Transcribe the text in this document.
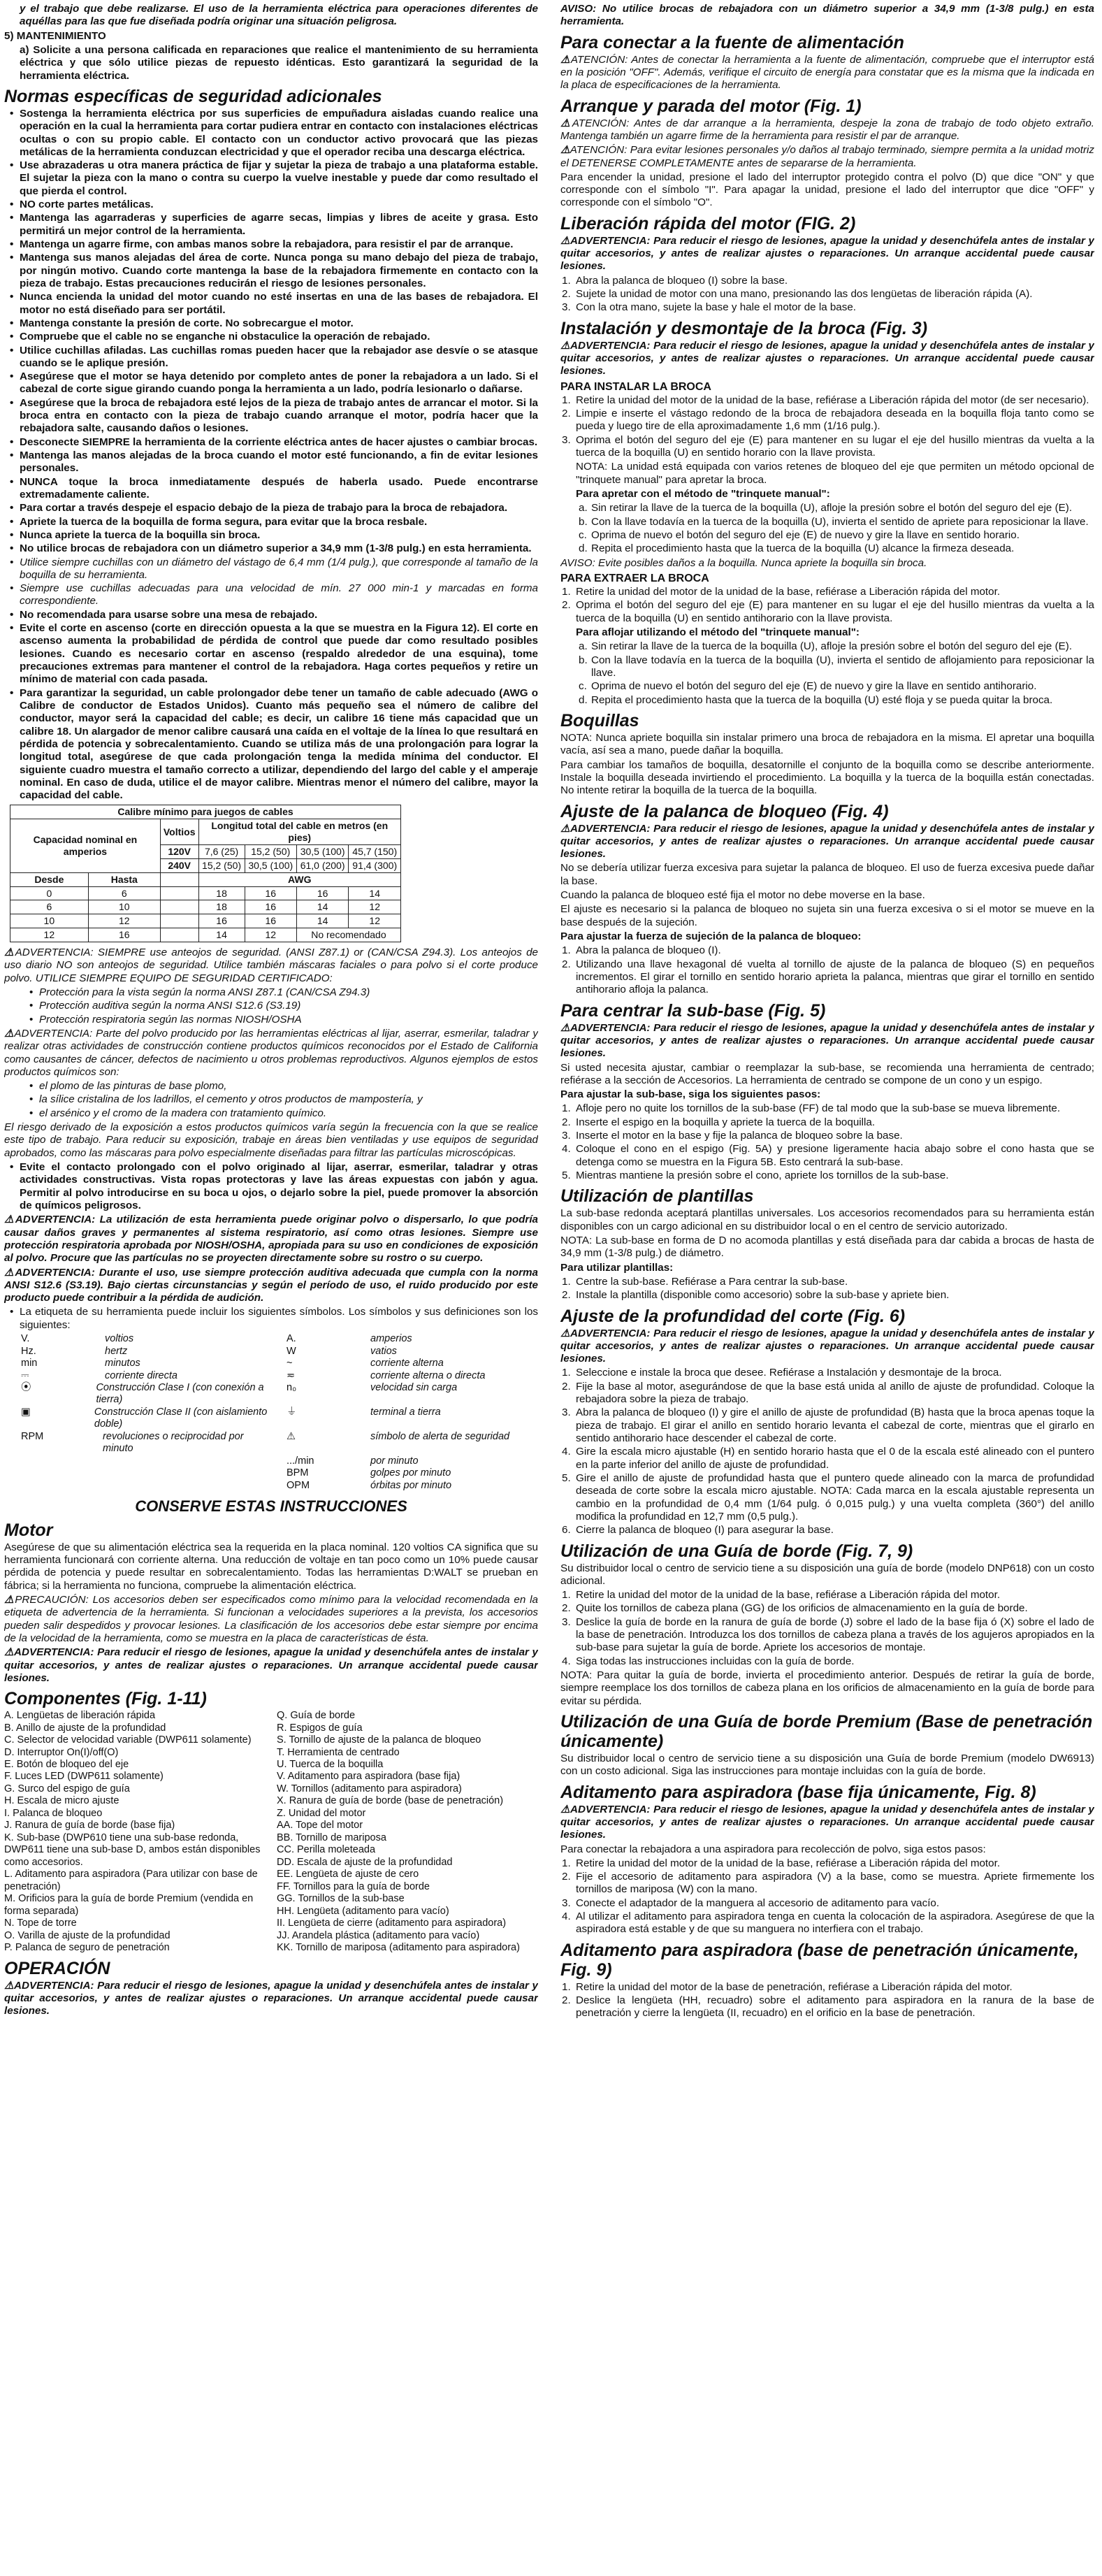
y el trabajo que debe realizarse. El uso de la herramienta eléctrica para operaciones diferentes de aquéllas para las que fue diseñada podría originar una situación peligrosa.

5) MANTENIMIENTO

a) Solicite a una persona calificada en reparaciones que realice el mantenimiento de su herramienta eléctrica y que sólo utilice piezas de repuesto idénticas. Esto garantizará la seguridad de la herramienta eléctrica.

Normas específicas de seguridad adicionales
• Sostenga la herramienta eléctrica por sus superficies de empuñadura aisladas cuando realice una operación en la cual la herramienta para cortar pudiera entrar en contacto con instalaciones eléctricas ocultas o con su propio cable. El contacto con un conductor activo provocará que las piezas metálicas de la herramienta conduzcan electricidad y que el operador reciba una descarga eléctrica.
• Use abrazaderas u otra manera práctica de fijar y sujetar la pieza de trabajo a una plataforma estable. El sujetar la pieza con la mano o contra su cuerpo la vuelve inestable y puede dar como resultado el que pierda el control.
• NO corte partes metálicas.
• Mantenga las agarraderas y superficies de agarre secas, limpias y libres de aceite y grasa. Esto permitirá un mejor control de la herramienta.
• Mantenga un agarre firme, con ambas manos sobre la rebajadora, para resistir el par de arranque.
• Mantenga sus manos alejadas del área de corte. Nunca ponga su mano debajo del pieza de trabajo, por ningún motivo. Cuando corte mantenga la base de la rebajadora firmemente en contacto con la pieza de trabajo. Estas precauciones reducirán el riesgo de lesiones personales.
• Nunca encienda la unidad del motor cuando no esté insertas en una de las bases de rebajadora. El motor no está diseñado para ser portátil.
• Mantenga constante la presión de corte. No sobrecargue el motor.
• Compruebe que el cable no se enganche ni obstaculice la operación de rebajado.
• Utilice cuchillas afiladas. Las cuchillas romas pueden hacer que la rebajador ase desvíe o se atasque cuando se le aplique presión.
• Asegúrese que el motor se haya detenido por completo antes de poner la rebajadora a un lado. Si el cabezal de corte sigue girando cuando ponga la herramienta a un lado, podría lesionarlo o dañarse.
• Asegúrese que la broca de rebajadora esté lejos de la pieza de trabajo antes de arrancar el motor. Si la broca entra en contacto con la pieza de trabajo cuando arranque el motor, podría hacer que la rebajadora salte, causando daños o lesiones.
• Desconecte SIEMPRE la herramienta de la corriente eléctrica antes de hacer ajustes o cambiar brocas.
• Mantenga las manos alejadas de la broca cuando el motor esté funcionando, a fin de evitar lesiones personales.
• NUNCA toque la broca inmediatamente después de haberla usado. Puede encontrarse extremadamente caliente.
• Para cortar a través despeje el espacio debajo de la pieza de trabajo para la broca de rebajadora.
• Apriete la tuerca de la boquilla de forma segura, para evitar que la broca resbale.
• Nunca apriete la tuerca de la boquilla sin broca.
• No utilice brocas de rebajadora con un diámetro superior a 34,9 mm (1-3/8 pulg.) en esta herramienta.
• Utilice siempre cuchillas con un diámetro del vástago de 6,4 mm (1/4 pulg.), que corresponde al tamaño de la boquilla de su herramienta.
• Siempre use cuchillas adecuadas para una velocidad de mín. 27 000 min-1 y marcadas en forma correspondiente.
• No recomendada para usarse sobre una mesa de rebajado.
• Evite el corte en ascenso (corte en dirección opuesta a la que se muestra en la Figura 12). El corte en ascenso aumenta la probabilidad de pérdida de control que puede dar como resultado posibles lesiones. Cuando es necesario cortar en ascenso (respaldo alrededor de una esquina), tome precauciones extremas para mantener el control de la rebajadora. Haga cortes pequeños y retire un mínimo de material con cada pasada.
• Para garantizar la seguridad, un cable prolongador debe tener un tamaño de cable adecuado (AWG o Calibre de conductor de Estados Unidos). Cuanto más pequeño sea el número de calibre del conductor, mayor será la capacidad del cable; es decir, un calibre 16 tiene más capacidad que un calibre 18. Un alargador de menor calibre causará una caída en el voltaje de la línea lo que resultará en pérdida de potencia y sobrecalentamiento. Cuando se utiliza más de una prolongación para lograr la longitud total, asegúrese de que cada prolongación tenga la medida mínima del conductor. El siguiente cuadro muestra el tamaño correcto a utilizar, dependiendo del largo del cable y el amperaje nominal. En caso de duda, utilice el de mayor calibre. Mientras menor el número del calibre, mayor la capacidad del cable.
Calibre mínimo para juegos de cables						
Capacidad nominal en amperios		Voltios	Longitud total del cable en metros (en pies)			
		120V	7,6 (25)	15,2 (50)	30,5 (100)	45,7 (150)
		240V	15,2 (50)	30,5 (100)	61,0 (200)	91,4 (300)
Desde	Hasta		AWG			
0	6		18	16	16	14
6	10		18	16	14	12
10	12		16	16	14	12
12	16		14	12	No recomendado	

⚠ADVERTENCIA: SIEMPRE use anteojos de seguridad. (ANSI Z87.1) or (CAN/CSA Z94.3). Los anteojos de uso diario NO son anteojos de seguridad. Utilice también máscaras faciales o para polvo si el corte produce polvo. UTILICE SIEMPRE EQUIPO DE SEGURIDAD CERTIFICADO:

• Protección para la vista según la norma ANSI Z87.1 (CAN/CSA Z94.3)
• Protección auditiva según la norma ANSI S12.6 (S3.19)
• Protección respiratoria según las normas NIOSH/OSHA

⚠ADVERTENCIA: Parte del polvo producido por las herramientas eléctricas al lijar, aserrar, esmerilar, taladrar y realizar otras actividades de construcción contiene productos químicos reconocidos por el Estado de California como causantes de cáncer, defectos de nacimiento u otros problemas reproductivos. Algunos ejemplos de estos productos químicos son:

• el plomo de las pinturas de base plomo,
• la sílice cristalina de los ladrillos, el cemento y otros productos de mampostería, y
• el arsénico y el cromo de la madera con tratamiento químico.

El riesgo derivado de la exposición a estos productos químicos varía según la frecuencia con la que se realice este tipo de trabajo. Para reducir su exposición, trabaje en áreas bien ventiladas y use equipos de seguridad aprobados, como las máscaras para polvo especialmente diseñadas para filtrar las partículas microscópicas.

• Evite el contacto prolongado con el polvo originado al lijar, aserrar, esmerilar, taladrar y otras actividades constructivas. Vista ropas protectoras y lave las áreas expuestas con jabón y agua. Permitir al polvo introducirse en su boca u ojos, o dejarlo sobre la piel, puede promover la absorción de químicos peligrosos.

⚠ADVERTENCIA: La utilización de esta herramienta puede originar polvo o dispersarlo, lo que podría causar daños graves y permanentes al sistema respiratorio, así como otras lesiones. Siempre use protección respiratoria aprobada por NIOSH/OSHA, apropiada para su uso en condiciones de exposición al polvo. Procure que las partículas no se proyecten directamente sobre su rostro o su cuerpo.

⚠ADVERTENCIA: Durante el uso, use siempre protección auditiva adecuada que cumpla con la norma ANSI S12.6 (S3.19). Bajo ciertas circunstancias y según el período de uso, el ruido producido por este producto puede contribuir a la pérdida de audición.

• La etiqueta de su herramienta puede incluir los siguientes símbolos. Los símbolos y sus definiciones son los siguientes:
V.	voltios	A.	amperios
Hz.	hertz	W	vatios
min	minutos	~	corriente alterna
⎓	corriente directa	≂	corriente alterna o directa
⦿	Construcción Clase I (con conexión a tierra)
n₀	velocidad sin carga
▣	Construcción Clase II (con aislamiento doble)
⏚	terminal a tierra
RPM	revoluciones o reciprocidad por minuto
⚠	símbolo de alerta de seguridad
.../min	por minuto
BPM	golpes por minuto
OPM	órbitas por minuto
CONSERVE ESTAS INSTRUCCIONES
Motor

Asegúrese de que su alimentación eléctrica sea la requerida en la placa nominal. 120 voltios CA significa que su herramienta funcionará con corriente alterna. Una reducción de voltaje en tan poco como un 10% puede causar pérdida de potencia y puede resultar en sobrecalentamiento. Todas las herramientas D:WALT se prueban en fábrica; si la herramienta no funciona, compruebe la alimentación eléctrica.

⚠PRECAUCIÓN: Los accesorios deben ser especificados como mínimo para la velocidad recomendada en la etiqueta de advertencia de la herramienta. Si funcionan a velocidades superiores a la prevista, los accesorios pueden salir despedidos y provocar lesiones. La clasificación de los accesorios debe estar siempre por encima de la velocidad de la herramienta, como se muestra en la placa de características de ésta.

⚠ADVERTENCIA: Para reducir el riesgo de lesiones, apague la unidad y desenchúfela antes de instalar y quitar accesorios, y antes de realizar ajustes o reparaciones. Un arranque accidental puede causar lesiones.

Componentes (Fig. 1-11)
A. Lengüetas de liberación rápida
B. Anillo de ajuste de la profundidad
C. Selector de velocidad variable (DWP611 solamente)
D. Interruptor On(I)/off(O)
E. Botón de bloqueo del eje
F. Luces LED (DWP611 solamente)
G. Surco del espigo de guía
H. Escala de micro ajuste
I. Palanca de bloqueo
J. Ranura de guía de borde (base fija)
K. Sub-base (DWP610 tiene una sub-base redonda, DWP611 tiene una sub-base D, ambos están disponibles como accesorios.
L. Aditamento para aspiradora (Para utilizar con base de penetración)
M. Orificios para la guía de borde Premium (vendida en forma separada)
N. Tope de torre
O. Varilla de ajuste de la profundidad
P. Palanca de seguro de penetración
Q. Guía de borde
R. Espigos de guía
S. Tornillo de ajuste de la palanca de bloqueo
T. Herramienta de centrado
U. Tuerca de la boquilla
V. Aditamento para aspiradora (base fija)
W. Tornillos (aditamento para aspiradora)
X. Ranura de guía de borde (base de penetración)
Z. Unidad del motor
AA. Tope del motor
BB. Tornillo de mariposa
CC. Perilla moleteada
DD. Escala de ajuste de la profundidad
EE. Lengüeta de ajuste de cero
FF. Tornillos para la guía de borde
GG. Tornillos de la sub-base
HH. Lengüeta (aditamento para vacío)
II. Lengüeta de cierre (aditamento para aspiradora)
JJ. Arandela plástica (aditamento para vacío)
KK. Tornillo de mariposa (aditamento para aspiradora)
OPERACIÓN

⚠ADVERTENCIA: Para reducir el riesgo de lesiones, apague la unidad y desenchúfela antes de instalar y quitar accesorios, y antes de realizar ajustes o reparaciones. Un arranque accidental puede causar lesiones.

AVISO: No utilice brocas de rebajadora con un diámetro superior a 34,9 mm (1-3/8 pulg.) en esta herramienta.

Para conectar a la fuente de alimentación

⚠ATENCIÓN: Antes de conectar la herramienta a la fuente de alimentación, compruebe que el interruptor está en la posición "OFF". Además, verifique el circuito de energía para constatar que es la misma que la indicada en la placa de especificaciones de la herramienta.

Arranque y parada del motor (Fig. 1)

⚠ATENCIÓN: Antes de dar arranque a la herramienta, despeje la zona de trabajo de todo objeto extraño. Mantenga también un agarre firme de la herramienta para resistir el par de arranque.

⚠ATENCIÓN: Para evitar lesiones personales y/o daños al trabajo terminado, siempre permita a la unidad motriz el DETENERSE COMPLETAMENTE antes de separarse de la herramienta.

Para encender la unidad, presione el lado del interruptor protegido contra el polvo (D) que dice "ON" y que corresponde con el símbolo "I". Para apagar la unidad, presione el lado del interruptor que dice "OFF" y corresponde con el símbolo "O".

Liberación rápida del motor (FIG. 2)

⚠ADVERTENCIA: Para reducir el riesgo de lesiones, apague la unidad y desenchúfela antes de instalar y quitar accesorios, y antes de realizar ajustes o reparaciones. Un arranque accidental puede causar lesiones.

1. Abra la palanca de bloqueo (I) sobre la base.
2. Sujete la unidad de motor con una mano, presionando las dos lengüetas de liberación rápida (A).
3. Con la otra mano, sujete la base y hale el motor de la base.
Instalación y desmontaje de la broca (Fig. 3)

⚠ADVERTENCIA: Para reducir el riesgo de lesiones, apague la unidad y desenchúfela antes de instalar y quitar accesorios, y antes de realizar ajustes o reparaciones. Un arranque accidental puede causar lesiones.

PARA INSTALAR LA BROCA
1. Retire la unidad del motor de la unidad de la base, refiérase a Liberación rápida del motor (de ser necesario).
2. Limpie e inserte el vástago redondo de la broca de rebajadora deseada en la boquilla floja tanto como se pueda y luego tire de ella aproximadamente 1,6 mm (1/16 pulg.).
3. Oprima el botón del seguro del eje (E) para mantener en su lugar el eje del husillo mientras da vuelta a la tuerca de la boquilla (U) en sentido horario con la llave provista.

NOTA: La unidad está equipada con varios retenes de bloqueo del eje que permiten un método opcional de "trinquete manual" para apretar la broca.

Para apretar con el método de "trinquete manual":

a. Sin retirar la llave de la tuerca de la boquilla (U), afloje la presión sobre el botón del seguro del eje (E).
b. Con la llave todavía en la tuerca de la boquilla (U), invierta el sentido de apriete para reposicionar la llave.
c. Oprima de nuevo el botón del seguro del eje (E) de nuevo y gire la llave en sentido horario.
d. Repita el procedimiento hasta que la tuerca de la boquilla (U) alcance la firmeza deseada.

AVISO: Evite posibles daños a la boquilla. Nunca apriete la boquilla sin broca.

PARA EXTRAER LA BROCA
1. Retire la unidad del motor de la unidad de la base, refiérase a Liberación rápida del motor.
2. Oprima el botón del seguro del eje (E) para mantener en su lugar el eje del husillo mientras da vuelta a la tuerca de la boquilla (U) en sentido antihorario con la llave provista.

Para aflojar utilizando el método del "trinquete manual":

a. Sin retirar la llave de la tuerca de la boquilla (U), afloje la presión sobre el botón del seguro del eje (E).
b. Con la llave todavía en la tuerca de la boquilla (U), invierta el sentido de aflojamiento para reposicionar la llave.
c. Oprima de nuevo el botón del seguro del eje (E) de nuevo y gire la llave en sentido antihorario.
d. Repita el procedimiento hasta que la tuerca de la boquilla (U) esté floja y se pueda quitar la broca.
Boquillas

NOTA: Nunca apriete boquilla sin instalar primero una broca de rebajadora en la misma. El apretar una boquilla vacía, así sea a mano, puede dañar la boquilla.

Para cambiar los tamaños de boquilla, desatornille el conjunto de la boquilla como se describe anteriormente. Instale la boquilla deseada invirtiendo el procedimiento. La boquilla y la tuerca de la boquilla están conectadas. No intente retirar la boquilla de la tuerca de la boquilla.

Ajuste de la palanca de bloqueo (Fig. 4)

⚠ADVERTENCIA: Para reducir el riesgo de lesiones, apague la unidad y desenchúfela antes de instalar y quitar accesorios, y antes de realizar ajustes o reparaciones. Un arranque accidental puede causar lesiones.

No se debería utilizar fuerza excesiva para sujetar la palanca de bloqueo. El uso de fuerza excesiva puede dañar la base.

Cuando la palanca de bloqueo esté fija el motor no debe moverse en la base.

El ajuste es necesario si la palanca de bloqueo no sujeta sin una fuerza excesiva o si el motor se mueve en la base después de la sujeción.

Para ajustar la fuerza de sujeción de la palanca de bloqueo:

1. Abra la palanca de bloqueo (I).
2. Utilizando una llave hexagonal dé vuelta al tornillo de ajuste de la palanca de bloqueo (S) en pequeños incrementos. El girar el tornillo en sentido horario aprieta la palanca, mientras que girar el tornillo en sentido antihorario afloja la palanca.
Para centrar la sub-base (Fig. 5)

⚠ADVERTENCIA: Para reducir el riesgo de lesiones, apague la unidad y desenchúfela antes de instalar y quitar accesorios, y antes de realizar ajustes o reparaciones. Un arranque accidental puede causar lesiones.

Si usted necesita ajustar, cambiar o reemplazar la sub-base, se recomienda una herramienta de centrado; refiérase a la sección de Accesorios. La herramienta de centrado se compone de un cono y un espigo.

Para ajustar la sub-base, siga los siguientes pasos:

1. Afloje pero no quite los tornillos de la sub-base (FF) de tal modo que la sub-base se mueva libremente.
2. Inserte el espigo en la boquilla y apriete la tuerca de la boquilla.
3. Inserte el motor en la base y fije la palanca de bloqueo sobre la base.
4. Coloque el cono en el espigo (Fig. 5A) y presione ligeramente hacia abajo sobre el cono hasta que se detenga como se muestra en la Figura 5B. Esto centrará la sub-base.
5. Mientras mantiene la presión sobre el cono, apriete los tornillos de la sub-base.
Utilización de plantillas

La sub-base redonda aceptará plantillas universales. Los accesorios recomendados para su herramienta están disponibles con un cargo adicional en su distribuidor local o en el centro de servicio autorizado.

NOTA: La sub-base en forma de D no acomoda plantillas y está diseñada para dar cabida a brocas de hasta de 34,9 mm (1-3/8 pulg.) de diámetro.

Para utilizar plantillas:

1. Centre la sub-base. Refiérase a Para centrar la sub-base.
2. Instale la plantilla (disponible como accesorio) sobre la sub-base y apriete bien.
Ajuste de la profundidad del corte (Fig. 6)

⚠ADVERTENCIA: Para reducir el riesgo de lesiones, apague la unidad y desenchúfela antes de instalar y quitar accesorios, y antes de realizar ajustes o reparaciones. Un arranque accidental puede causar lesiones.

1. Seleccione e instale la broca que desee. Refiérase a Instalación y desmontaje de la broca.
2. Fije la base al motor, asegurándose de que la base está unida al anillo de ajuste de profundidad. Coloque la rebajadora sobre la pieza de trabajo.
3. Abra la palanca de bloqueo (I) y gire el anillo de ajuste de profundidad (B) hasta que la broca apenas toque la pieza de trabajo. El girar el anillo en sentido horario levanta el cabezal de corte, mientras que el girarlo en sentido antihorario hace descender el cabezal de corte.
4. Gire la escala micro ajustable (H) en sentido horario hasta que el 0 de la escala esté alineado con el puntero en la parte inferior del anillo de ajuste de profundidad.
5. Gire el anillo de ajuste de profundidad hasta que el puntero quede alineado con la marca de profundidad deseada de corte sobre la escala micro ajustable. NOTA: Cada marca en la escala ajustable representa un cambio en la profundidad de 0,4 mm (1/64 pulg. ó 0,015 pulg.) y una vuelta completa (360°) del anillo modifica la profundidad en 12,7 mm (0,5 pulg.).
6. Cierre la palanca de bloqueo (I) para asegurar la base.
Utilización de una Guía de borde (Fig. 7, 9)

Su distribuidor local o centro de servicio tiene a su disposición una guía de borde (modelo DNP618) con un costo adicional.

1. Retire la unidad del motor de la unidad de la base, refiérase a Liberación rápida del motor.
2. Quite los tornillos de cabeza plana (GG) de los orificios de almacenamiento en la guía de borde.
3. Deslice la guía de borde en la ranura de guía de borde (J) sobre el lado de la base fija ó (X) sobre el lado de la base de penetración. Introduzca los dos tornillos de cabeza plana a través de los agujeros apropiados en la sub-base para sujetar la guía de borde. Apriete los accesorios de montaje.
4. Siga todas las instrucciones incluidas con la guía de borde.

NOTA: Para quitar la guía de borde, invierta el procedimiento anterior. Después de retirar la guía de borde, siempre reemplace los dos tornillos de cabeza plana en los orificios de almacenamiento en la guía de borde para evitar su pérdida.

Utilización de una Guía de borde Premium (Base de penetración únicamente)

Su distribuidor local o centro de servicio tiene a su disposición una Guía de borde Premium (modelo DW6913) con un costo adicional. Siga las instrucciones para montaje incluidas con la guía de borde.

Aditamento para aspiradora (base fija únicamente, Fig. 8)

⚠ADVERTENCIA: Para reducir el riesgo de lesiones, apague la unidad y desenchúfela antes de instalar y quitar accesorios, y antes de realizar ajustes o reparaciones. Un arranque accidental puede causar lesiones.

Para conectar la rebajadora a una aspiradora para recolección de polvo, siga estos pasos:

1. Retire la unidad del motor de la unidad de la base, refiérase a Liberación rápida del motor.
2. Fije el accesorio de aditamento para aspiradora (V) a la base, como se muestra. Apriete firmemente los tornillos de mariposa (W) con la mano.
3. Conecte el adaptador de la manguera al accesorio de aditamento para vacío.
4. Al utilizar el aditamento para aspiradora tenga en cuenta la colocación de la aspiradora. Asegúrese de que la aspiradora está estable y de que su manguera no interfiera con el trabajo.
Aditamento para aspiradora (base de penetración únicamente, Fig. 9)
1. Retire la unidad del motor de la base de penetración, refiérase a Liberación rápida del motor.
2. Deslice la lengüeta (HH, recuadro) sobre el aditamento para aspiradora en la ranura de la base de penetración y cierre la lengüeta (II, recuadro) en el orificio en la base de penetración.
